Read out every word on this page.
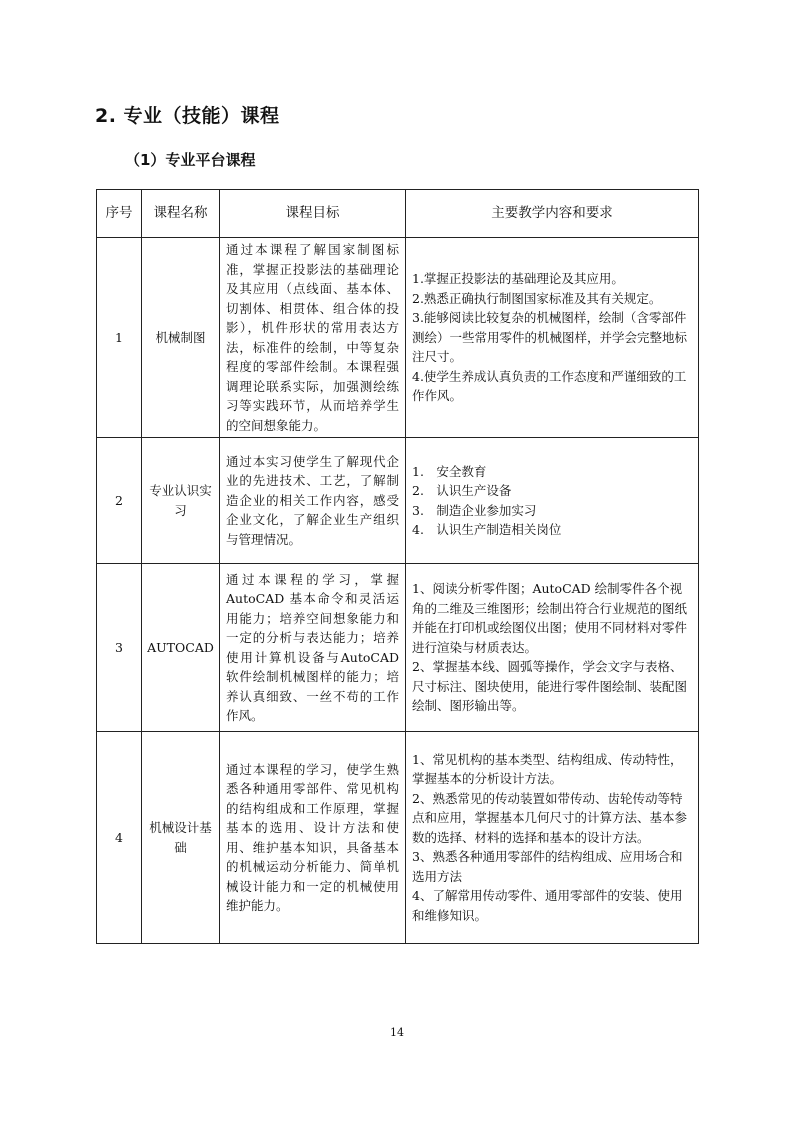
2. 专业（技能）课程
（1）专业平台课程
序号	课程名称	课程目标	主要教学内容和要求
1	机械制图	通过本课程了解国家制图标准，掌握正投影法的基础理论及其应用（点线面、基本体、切割体、相贯体、组合体的投影），机件形状的常用表达方法，标准件的绘制，中等复杂程度的零部件绘制。本课程强调理论联系实际，加强测绘练习等实践环节，从而培养学生的空间想象能力。	1.掌握正投影法的基础理论及其应用。
2.熟悉正确执行制图国家标准及其有关规定。
3.能够阅读比较复杂的机械图样，绘制（含零部件测绘）一些常用零件的机械图样，并学会完整地标注尺寸。
4.使学生养成认真负责的工作态度和严谨细致的工作作风。

2	专业认识实习	通过本实习使学生了解现代企业的先进技术、工艺，了解制造企业的相关工作内容，感受企业文化，了解企业生产组织与管理情况。	1.　安全教育
2.　认识生产设备
3.　制造企业参加实习
4.　认识生产制造相关岗位

3	AUTOCAD	通过本课程的学习，掌握AutoCAD 基本命令和灵活运用能力；培养空间想象能力和一定的分析与表达能力；培养使用计算机设备与AutoCAD 软件绘制机械图样的能力；培养认真细致、一丝不苟的工作作风。	1、阅读分析零件图；AutoCAD 绘制零件各个视角的二维及三维图形；绘制出符合行业规范的图纸并能在打印机或绘图仪出图；使用不同材料对零件进行渲染与材质表达。
2、掌握基本线、圆弧等操作，学会文字与表格、尺寸标注、图块使用，能进行零件图绘制、装配图绘制、图形输出等。

4	机械设计基础	通过本课程的学习，使学生熟悉各种通用零部件、常见机构的结构组成和工作原理，掌握基本的选用、设计方法和使用、维护基本知识，具备基本的机械运动分析能力、简单机械设计能力和一定的机械使用维护能力。	1、常见机构的基本类型、结构组成、传动特性，掌握基本的分析设计方法。
2、熟悉常见的传动装置如带传动、齿轮传动等特点和应用，掌握基本几何尺寸的计算方法、基本参数的选择、材料的选择和基本的设计方法。
3、熟悉各种通用零部件的结构组成、应用场合和选用方法
4、了解常用传动零件、通用零部件的安装、使用和维修知识。
14
